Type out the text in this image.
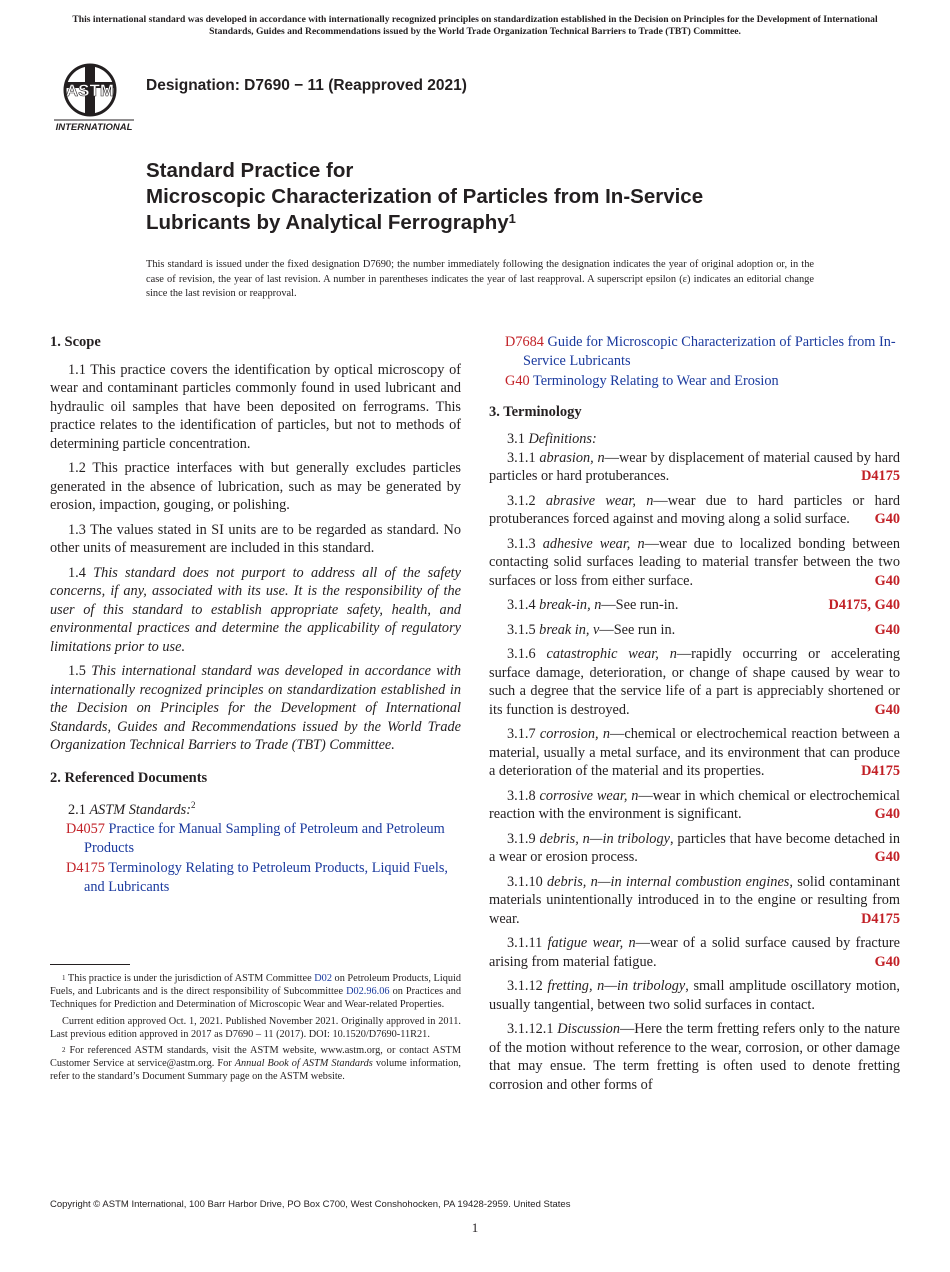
This international standard was developed in accordance with internationally recognized principles on standardization established in the Decision on Principles for the Development of International Standards, Guides and Recommendations issued by the World Trade Organization Technical Barriers to Trade (TBT) Committee.
ASTM
INTERNATIONAL
Designation: D7690 − 11 (Reapproved 2021)
Standard Practice for
Microscopic Characterization of Particles from In-Service
Lubricants by Analytical Ferrography$^1$
This standard is issued under the fixed designation D7690; the number immediately following the designation indicates the year of original adoption or, in the case of revision, the year of last revision. A number in parentheses indicates the year of last reapproval. A superscript epsilon (ε) indicates an editorial change since the last revision or reapproval.
1. Scope

1.1 This practice covers the identification by optical microscopy of wear and contaminant particles commonly found in used lubricant and hydraulic oil samples that have been deposited on ferrograms. This practice relates to the identification of particles, but not to methods of determining particle concentration.

1.2 This practice interfaces with but generally excludes particles generated in the absence of lubrication, such as may be generated by erosion, impaction, gouging, or polishing.

1.3 The values stated in SI units are to be regarded as standard. No other units of measurement are included in this standard.

1.4 This standard does not purport to address all of the safety concerns, if any, associated with its use. It is the responsibility of the user of this standard to establish appropriate safety, health, and environmental practices and determine the applicability of regulatory limitations prior to use.

1.5 This international standard was developed in accordance with internationally recognized principles on standardization established in the Decision on Principles for the Development of International Standards, Guides and Recommendations issued by the World Trade Organization Technical Barriers to Trade (TBT) Committee.

2. Referenced Documents

2.1 ASTM Standards:$^2$

D4057 Practice for Manual Sampling of Petroleum and Petroleum Products
D4175 Terminology Relating to Petroleum Products, Liquid Fuels, and Lubricants

$^1$ This practice is under the jurisdiction of ASTM Committee D02 on Petroleum Products, Liquid Fuels, and Lubricants and is the direct responsibility of Subcommittee D02.96.06 on Practices and Techniques for Prediction and Determination of Microscopic Wear and Wear-related Properties.

Current edition approved Oct. 1, 2021. Published November 2021. Originally approved in 2011. Last previous edition approved in 2017 as D7690 – 11 (2017). DOI: 10.1520/D7690-11R21.

$^2$ For referenced ASTM standards, visit the ASTM website, www.astm.org, or contact ASTM Customer Service at service@astm.org. For Annual Book of ASTM Standards volume information, refer to the standard’s Document Summary page on the ASTM website.

D7684 Guide for Microscopic Characterization of Particles from In-Service Lubricants
G40 Terminology Relating to Wear and Erosion
3. Terminology

3.1 Definitions:

3.1.1 abrasion, n—wear by displacement of material caused by hard particles or hard protuberances.	D4175
3.1.2 abrasive wear, n—wear due to hard particles or hard protuberances forced against and moving along a solid surface.	G40
3.1.3 adhesive wear, n—wear due to localized bonding between contacting solid surfaces leading to material transfer between the two surfaces or loss from either surface.	G40
3.1.4 break-in, n—See run-in.	D4175, G40
3.1.5 break in, v—See run in.	G40
3.1.6 catastrophic wear, n—rapidly occurring or accelerating surface damage, deterioration, or change of shape caused by wear to such a degree that the service life of a part is appreciably shortened or its function is destroyed.	G40
3.1.7 corrosion, n—chemical or electrochemical reaction between a material, usually a metal surface, and its environment that can produce a deterioration of the material and its properties.	D4175
3.1.8 corrosive wear, n—wear in which chemical or electrochemical reaction with the environment is significant.	G40
3.1.9 debris, n—in tribology, particles that have become detached in a wear or erosion process.	G40
3.1.10 debris, n—in internal combustion engines, solid contaminant materials unintentionally introduced in to the engine or resulting from wear.	D4175
3.1.11 fatigue wear, n—wear of a solid surface caused by fracture arising from material fatigue.	G40
3.1.12 fretting, n—in tribology, small amplitude oscillatory motion, usually tangential, between two solid surfaces in contact.
3.1.12.1 Discussion—Here the term fretting refers only to the nature of the motion without reference to the wear, corrosion, or other damage that may ensue. The term fretting is often used to denote fretting corrosion and other forms of
Copyright © ASTM International, 100 Barr Harbor Drive, PO Box C700, West Conshohocken, PA 19428-2959. United States
1
